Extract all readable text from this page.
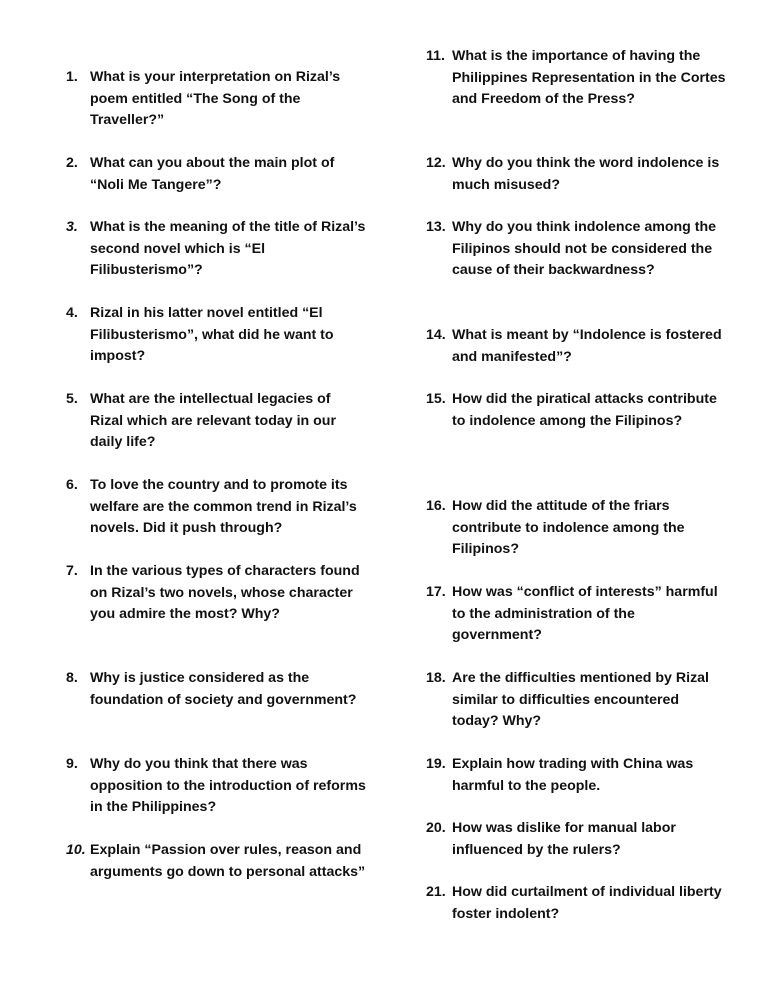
1. What is your interpretation on Rizal’s poem entitled “The Song of the Traveller?”
2. What can you about the main plot of “Noli Me Tangere”?
3. What is the meaning of the title of Rizal’s second novel which is “El Filibusterismo”?
4. Rizal in his latter novel entitled “El Filibusterismo”, what did he want to impost?
5. What are the intellectual legacies of Rizal which are relevant today in our daily life?
6. To love the country and to promote its welfare are the common trend in Rizal’s novels. Did it push through?
7. In the various types of characters found on Rizal’s two novels, whose character you admire the most? Why?
8. Why is justice considered as the foundation of society and government?
9. Why do you think that there was opposition to the introduction of reforms in the Philippines?
10. Explain “Passion over rules, reason and arguments go down to personal attacks”
11. What is the importance of having the Philippines Representation in the Cortes and Freedom of the Press?
12. Why do you think the word indolence is much misused?
13. Why do you think indolence among the Filipinos should not be considered the cause of their backwardness?
14. What is meant by “Indolence is fostered and manifested”?
15. How did the piratical attacks contribute to indolence among the Filipinos?
16. How did the attitude of the friars contribute to indolence among the Filipinos?
17. How was “conflict of interests” harmful to the administration of the government?
18. Are the difficulties mentioned by Rizal similar to difficulties encountered today? Why?
19. Explain how trading with China was harmful to the people.
20. How was dislike for manual labor influenced by the rulers?
21. How did curtailment of individual liberty foster indolent?
